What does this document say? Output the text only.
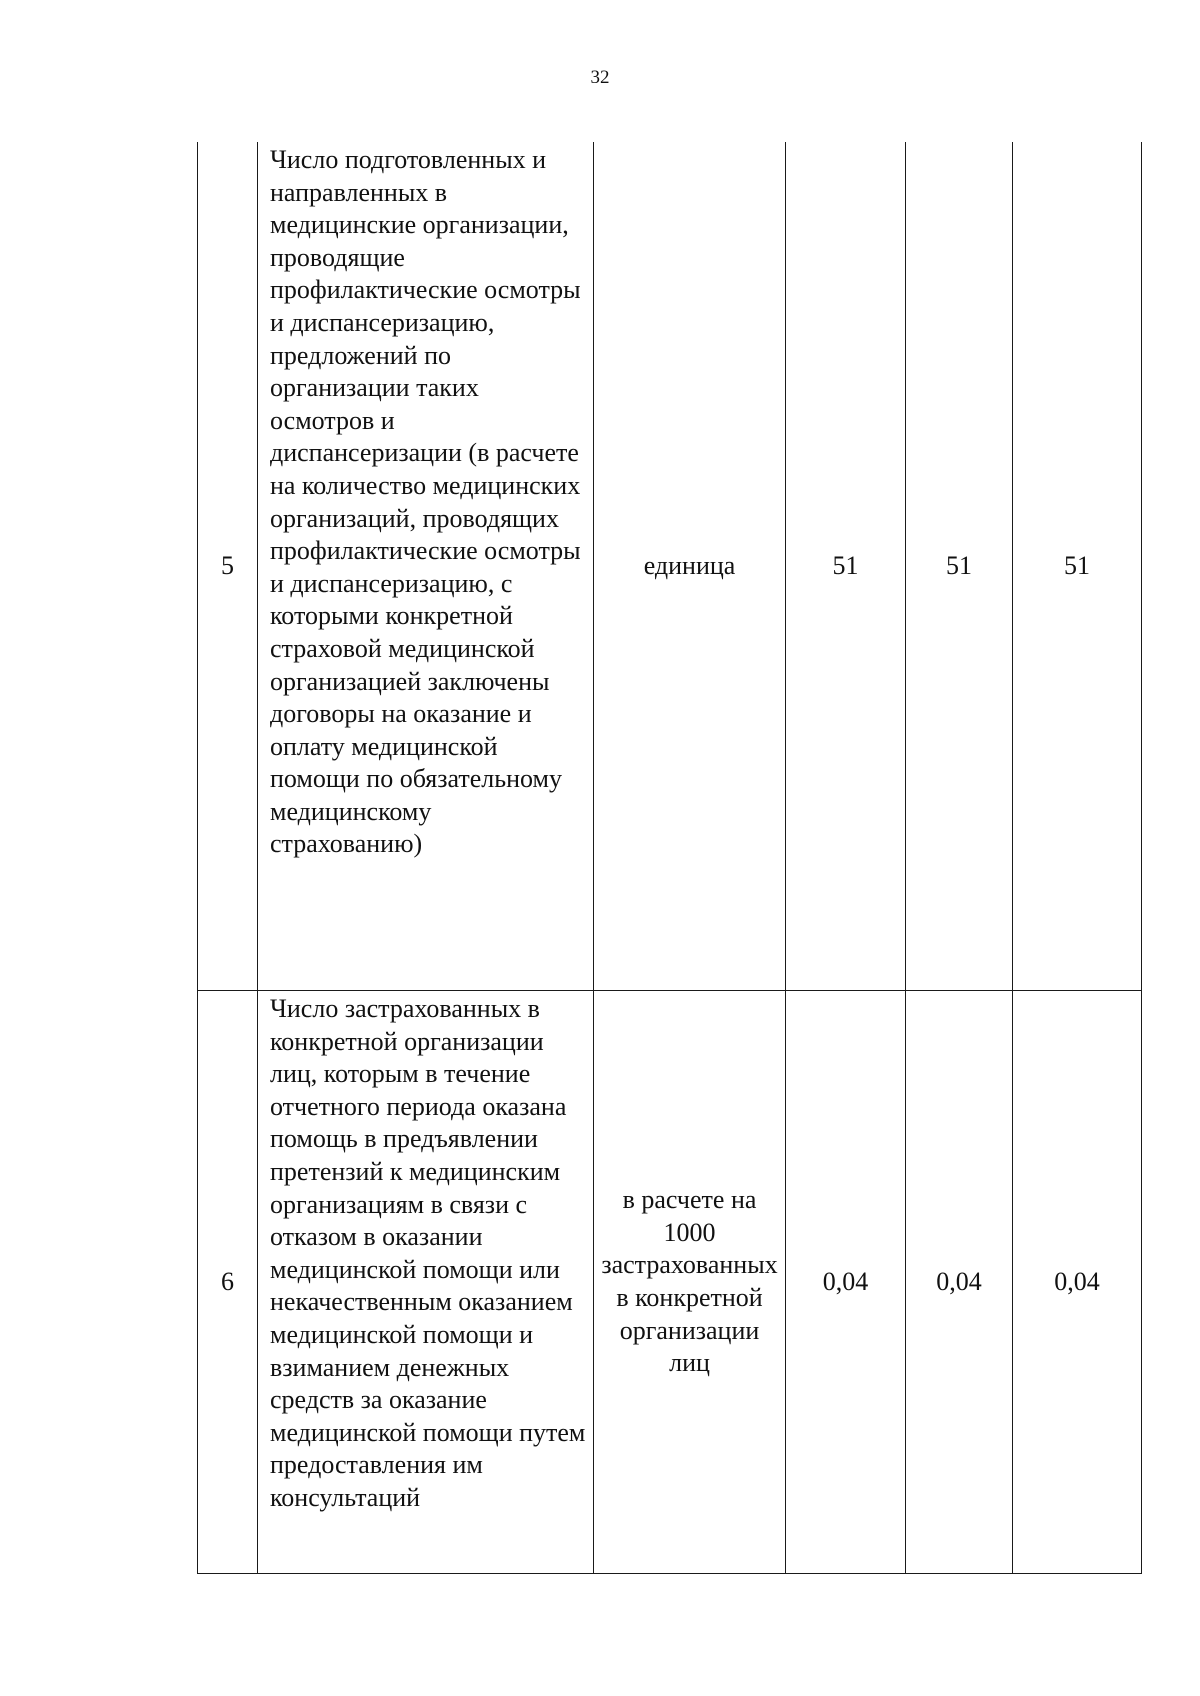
32
5	Число подготовленных и направленных в медицинские организации, проводящие профилактические осмотры и диспансеризацию, предложений по организации таких осмотров и диспансеризации (в расчете на количество медицинских организаций, проводящих профилактические осмотры и диспансеризацию, с которыми конкретной страховой медицинской организацией заключены договоры на оказание и оплату медицинской помощи по обязательному медицинскому страхованию)	единица	51	51	51
6	Число застрахованных в конкретной организации лиц, которым в течение отчетного периода оказана помощь в предъявлении претензий к медицинским организациям в связи с отказом в оказании медицинской помощи или некачественным оказанием медицинской помощи и взиманием денежных средств за оказание медицинской помощи путем предоставления им консультаций	в расчете на 1000 застрахованных в конкретной организации лиц	0,04	0,04	0,04
